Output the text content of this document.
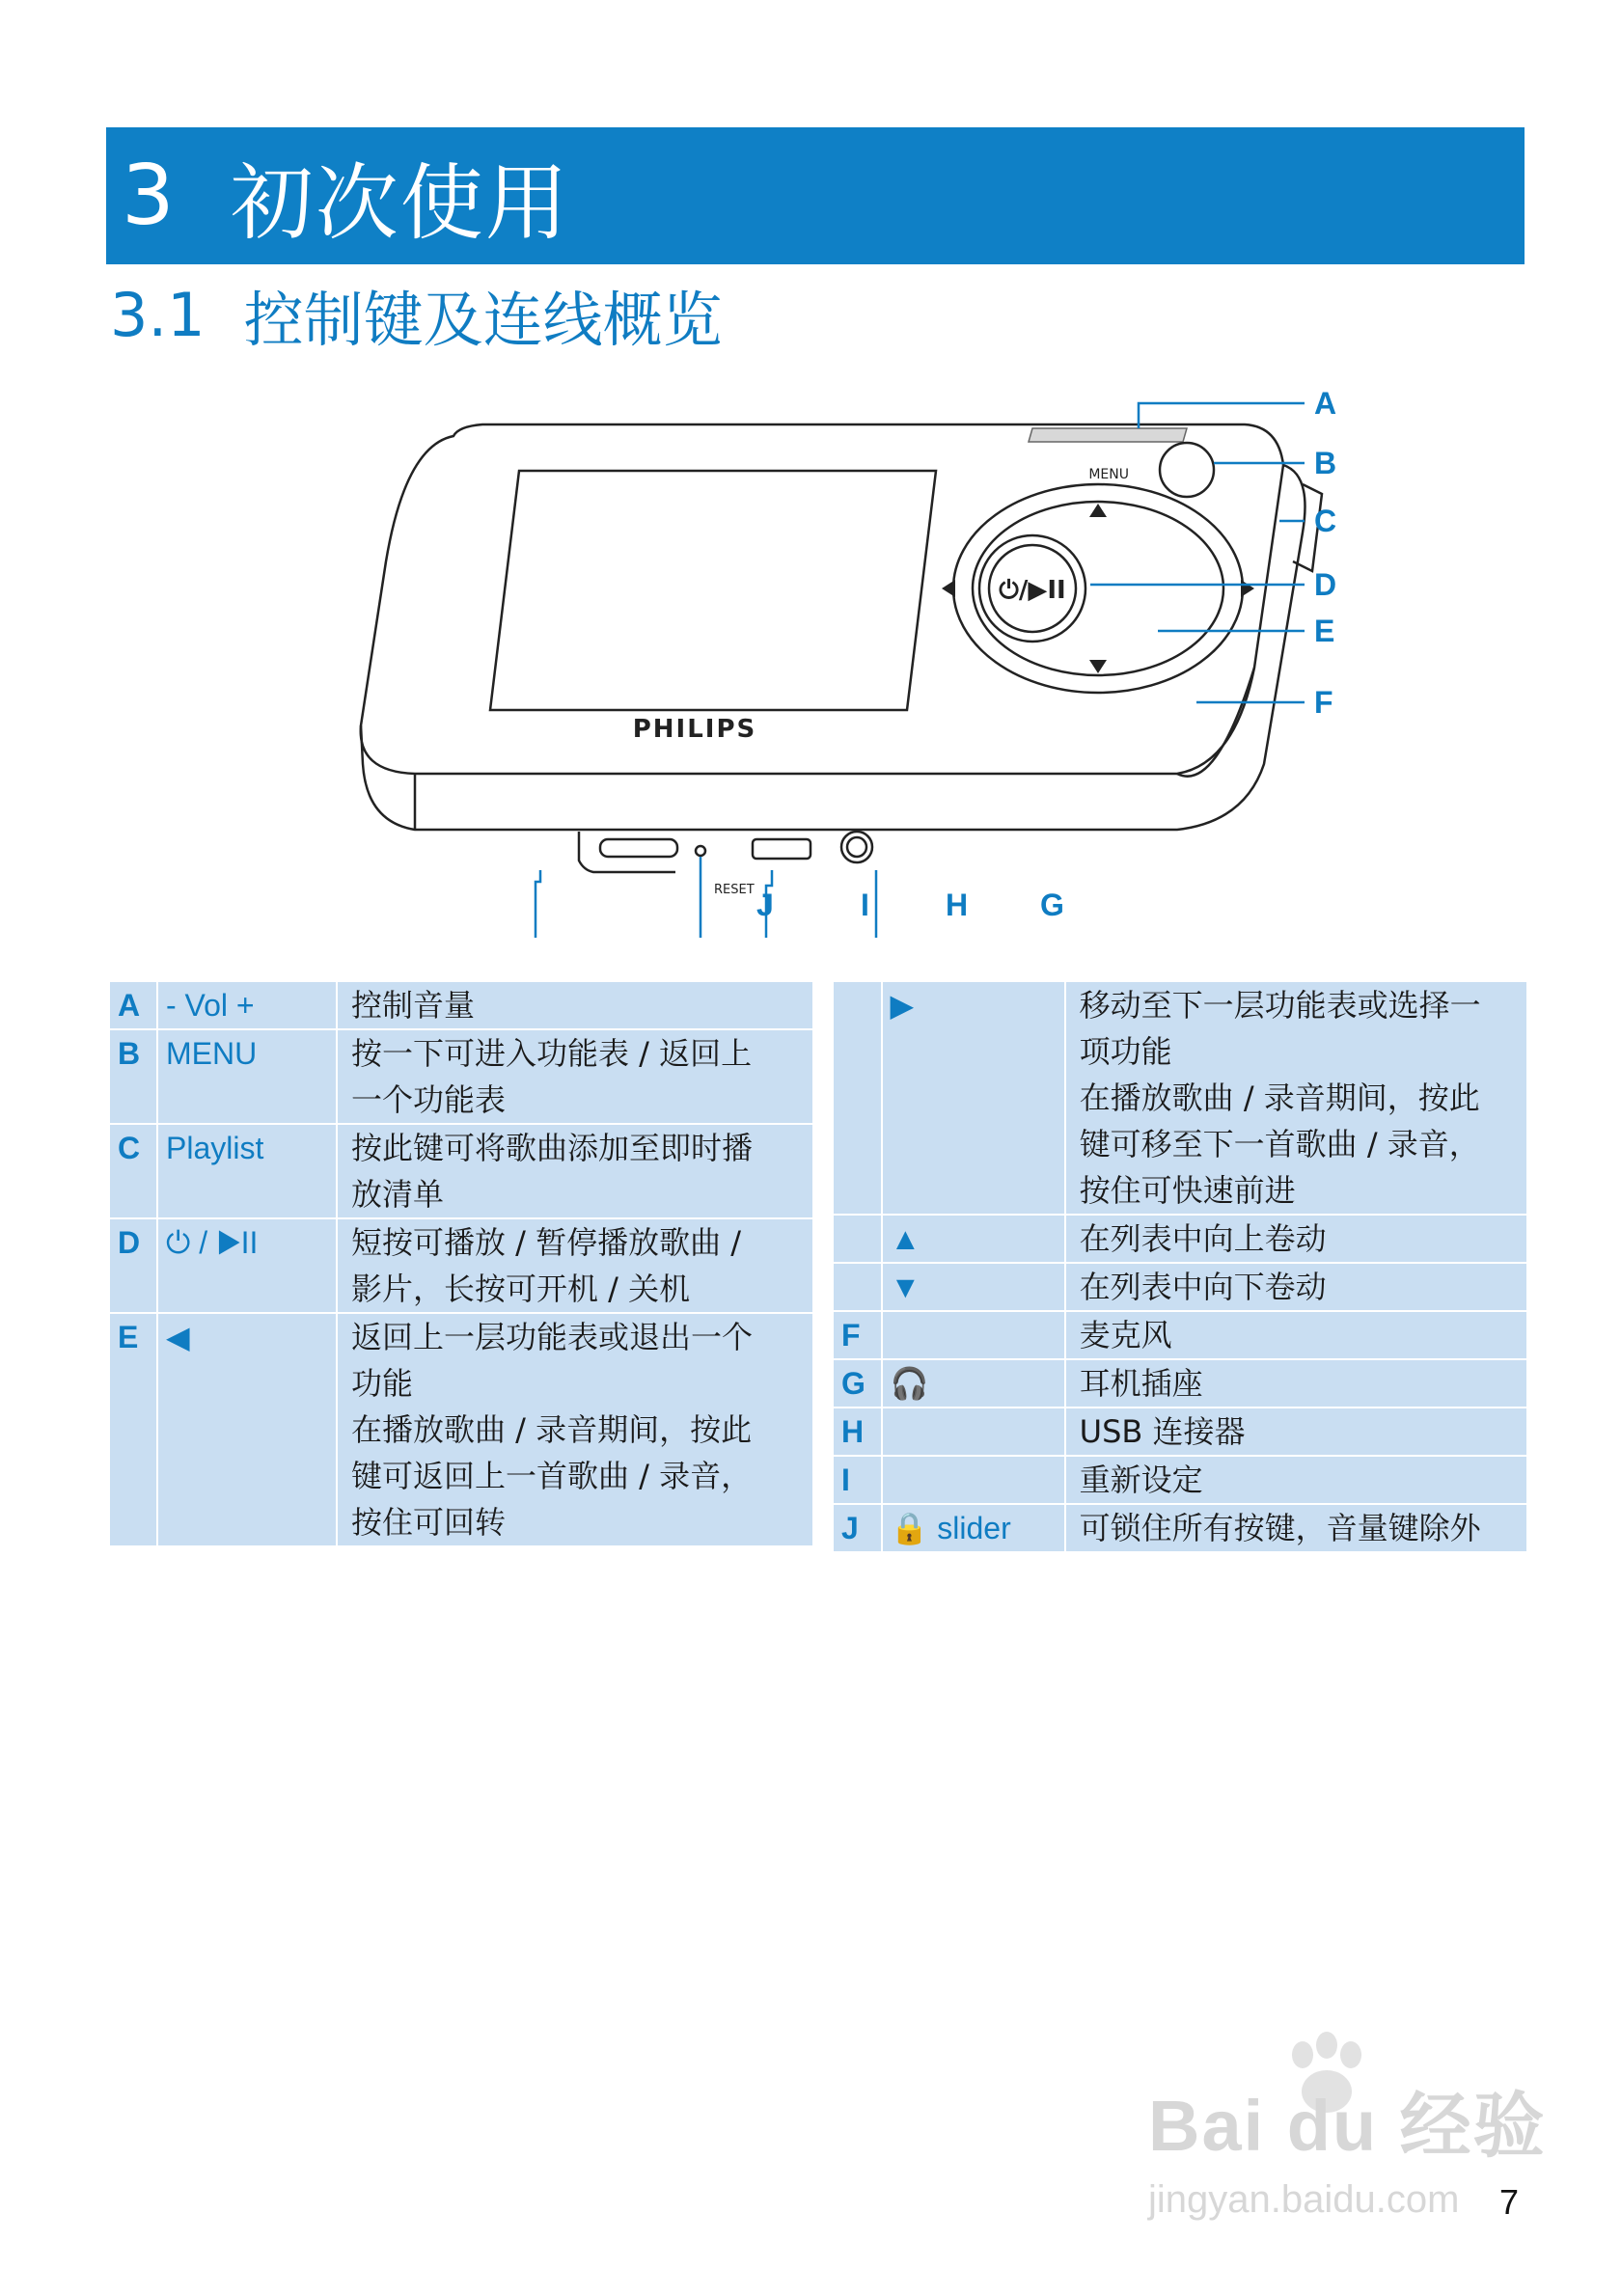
3 初次使用
3.1 控制键及连线概览
⏻/▶II
MENU
PHILIPS
RESET
A
B
C
D
E
F
J	I H G
A	- Vol +	控制音量

B	MENU	按一下可进入功能表 / 返回上
一个功能表

C	Playlist	按此键可将歌曲添加至即时播
放清单

D	⏻ / ▶II	短按可播放 / 暂停播放歌曲 /
影片，长按可开机 / 关机

E	◀	返回上一层功能表或退出一个
功能
在播放歌曲 / 录音期间，按此
键可返回上一首歌曲 / 录音，
按住可回转
	▶	移动至下一层功能表或选择一
项功能
在播放歌曲 / 录音期间，按此
键可移至下一首歌曲 / 录音，
按住可快速前进

	▲	在列表中向上卷动

	▼	在列表中向下卷动

F		麦克风

G	🎧	耳机插座

H		USB 连接器

I		重新设定

J	🔒 slider	可锁住所有按键，音量键除外
Bai du 经验
jingyan.baidu.com 7
